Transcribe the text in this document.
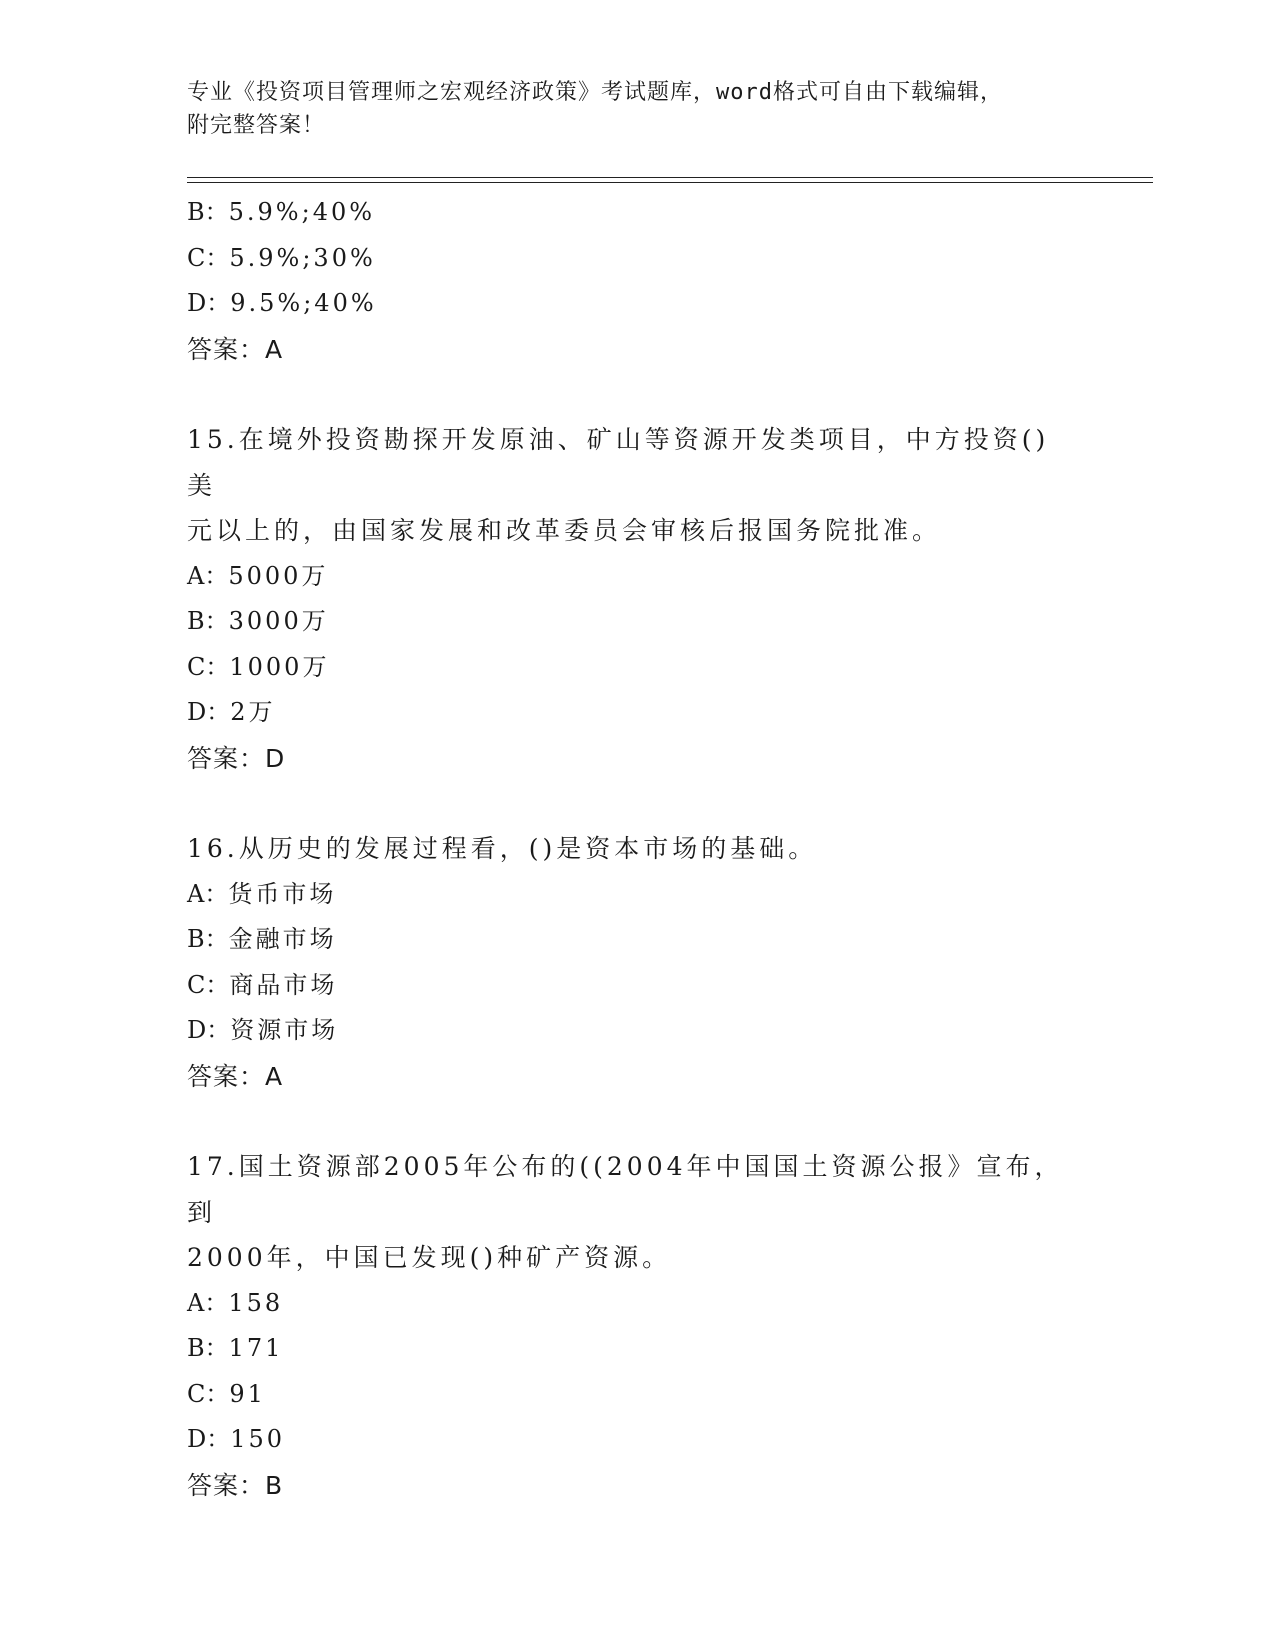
专业《投资项目管理师之宏观经济政策》考试题库，word格式可自由下载编辑，
附完整答案！
B：5.9%;40%
C：5.9%;30%
D：9.5%;40%
答案：A
15.在境外投资勘探开发原油、矿山等资源开发类项目，中方投资()美
元以上的，由国家发展和改革委员会审核后报国务院批准。
A：5000万
B：3000万
C：1000万
D：2万
答案：D
16.从历史的发展过程看，()是资本市场的基础。
A：货币市场
B：金融市场
C：商品市场
D：资源市场
答案：A
17.国土资源部2005年公布的((2004年中国国土资源公报》宣布，到
2000年，中国已发现()种矿产资源。
A：158
B：171
C：91
D：150
答案：B
